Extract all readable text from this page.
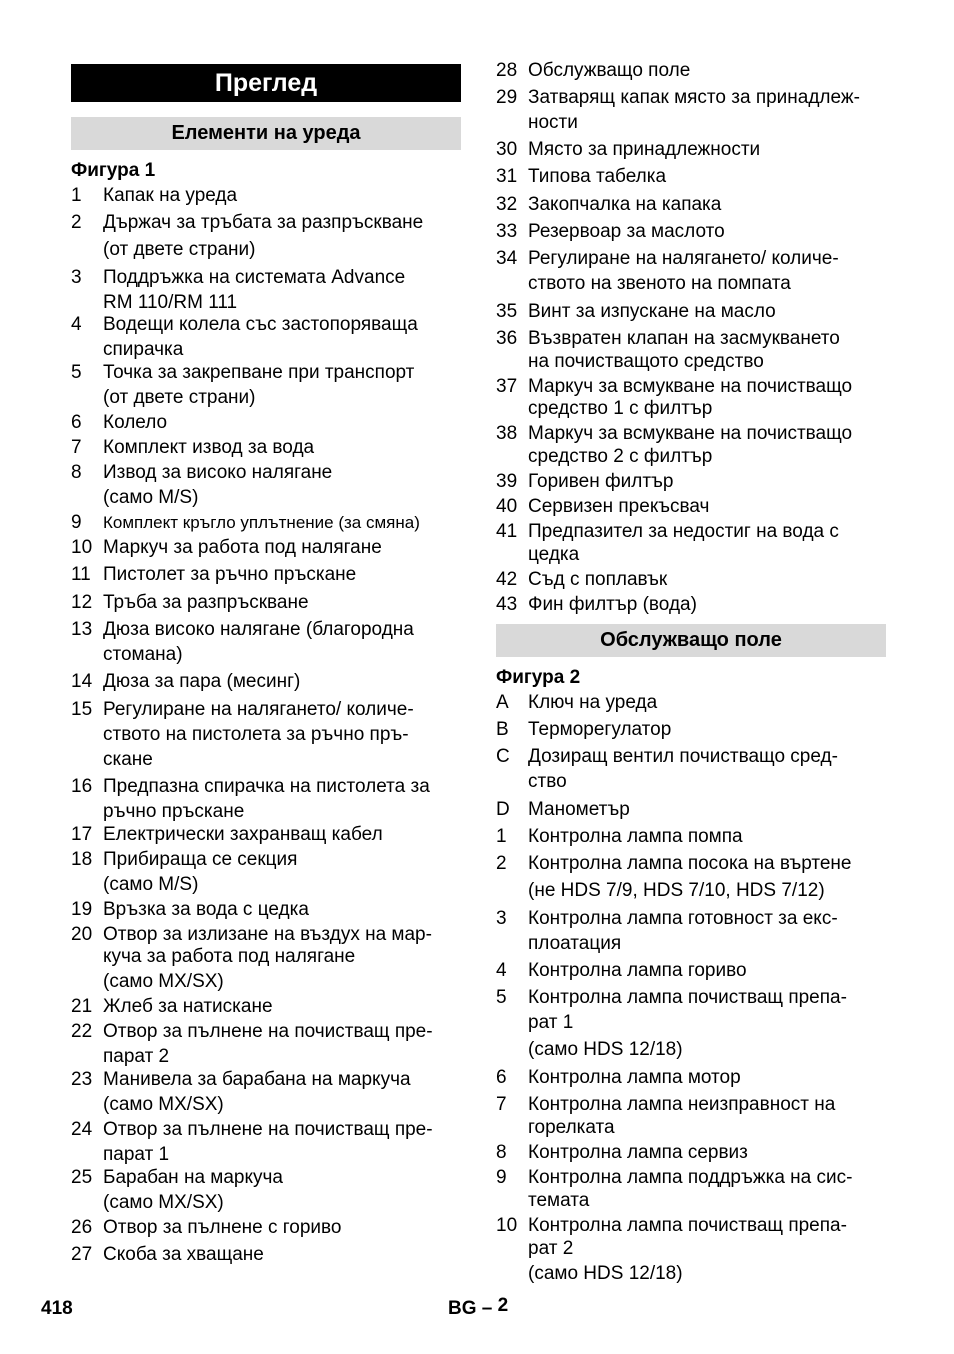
Преглед
Елементи на уреда
Фигура 1
1	Капак на уреда
2	Държач за тръбата за разпръскване
(от двете страни)
3	Поддръжка на системата Advance
RM 110/RM 111
4	Водещи колела със застопоряваща
спирачка
5	Точка за закрепване при транспорт
(от двете страни)
6	Колело
7	Комплект извод за вода
8	Извод за високо налягане
(само M/S)
9	Комплект кръгло уплътнение (за смяна)
10 Маркуч за работа под налягане
11 Пистолет за ръчно пръскане
12 Тръба за разпръскване
13 Дюза високо налягане (благородна
стомана)
14 Дюза за пара (месинг)
15 Регулиране на налягането/ количе-
ството на пистолета за ръчно пръ-
скане
16 Предпазна спирачка на пистолета за
ръчно пръскане
17 Електрически захранващ кабел
18 Прибираща се секция
(само M/S)
19 Връзка за вода с цедка
20 Отвор за излизане на въздух на мар-
куча за работа под налягане
(само MX/SX)
21 Жлеб за натискане
22 Отвор за пълнене на почистващ пре-
парат 2
23 Манивела за барабана на маркуча
(само MX/SX)
24 Отвор за пълнене на почистващ пре-
парат 1
25 Барабан на маркуча
(само MX/SX)
26 Отвор за пълнене с гориво
27 Скоба за хващане
28 Обслужващо поле
29 Затварящ капак място за принадлеж-
ности
30 Място за принадлежности
31 Типова табелка
32 Закопчалка на капака
33 Резервоар за маслото
34 Регулиране на налягането/ количе-
ството на звеното на помпата
35 Винт за изпускане на масло
36 Възвратен клапан на засмукването
на почистващото средство
37 Маркуч за всмукване на почистващо
средство 1 с филтър
38 Маркуч за всмукване на почистващо
средство 2 с филтър
39 Горивен филтър
40 Сервизен прекъсвач
41 Предпазител за недостиг на вода с
цедка
42 Съд с поплавък
43 Фин филтър (вода)
Обслужващо поле
Фигура 2
A	Ключ на уреда
B	Терморегулатор
C Дозиращ вентил почистващо сред-
ство
D Манометър
1	Контролна лампа помпа
2	Контролна лампа посока на въртене
(не HDS 7/9, HDS 7/10, HDS 7/12)
3	Контролна лампа готовност за екс-
плоатация
4	Контролна лампа гориво
5	Контролна лампа почистващ препа-
рат 1
(само HDS 12/18)
6	Контролна лампа мотор
7	Контролна лампа неизправност на
горелката
8	Контролна лампа сервиз
9	Контролна лампа поддръжка на сис-
темата
10 Контролна лампа почистващ препа-
рат 2
(само HDS 12/18)
418	BG – 2
